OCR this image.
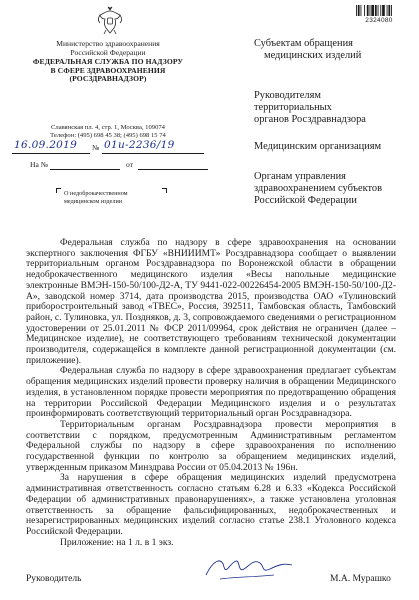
2324080
Министерство здравоохранения
Российской Федерации
ФЕДЕРАЛЬНАЯ СЛУЖБА ПО НАДЗОРУ
В СФЕРЕ ЗДРАВООХРАНЕНИЯ
(РОСЗДРАВНАДЗОР)
Славянская пл. 4, стр. 1, Москва, 109074
Телефон: (495) 698 45 38; (495) 698 15 74
16.09.2019 № 01и-2236/19
На №	от
О недоброкачественном
медицинском изделии
Субъектам обращения
медицинских изделий
Руководителям
территориальных
органов Росздравнадзора
Медицинским организациям
Органам управления
здравоохранением субъектов
Российской Федерации

Федеральная служба по надзору в сфере здравоохранения на основании экспертного заключения ФГБУ «ВНИИИМТ» Росздравнадзора сообщает о выявлении территориальным органом Росздравнадзора по Воронежской области в обращении недоброкачественного медицинского изделия «Весы напольные медицинские электронные ВМЭН-150-50/100-Д2-А, ТУ 9441-022-00226454-2005 ВМЭН-150-50/100-Д2-А», заводской номер 3714, дата производства 2015, производства ОАО «Тулиновский приборостроительный завод «ТВЕС», Россия, 392511, Тамбовская область, Тамбовский район, с. Тулиновка, ул. Поздняков, д. 3, сопровождаемого сведениями о регистрационном удостоверении от 25.01.2011 № ФСР 2011/09964, срок действия не ограничен (далее – Медицинское изделие), не соответствующего требованиям технической документации производителя, содержащейся в комплекте данной регистрационной документации (см. приложение).

Федеральная служба по надзору в сфере здравоохранения предлагает субъектам обращения медицинских изделий провести проверку наличия в обращении Медицинского изделия, в установленном порядке провести мероприятия по предотвращению обращения на территории Российской Федерации Медицинского изделия и о результатах проинформировать соответствующий территориальный орган Росздравнадзора.

Территориальным органам Росздравнадзора провести мероприятия в соответствии с порядком, предусмотренным Административным регламентом Федеральной службы по надзору в сфере здравоохранения по исполнению государственной функции по контролю за обращением медицинских изделий, утвержденным приказом Минздрава России от 05.04.2013 № 196н.

За нарушения в сфере обращения медицинских изделий предусмотрена административная ответственность согласно статьям 6.28 и 6.33 «Кодекса Российской Федерации об административных правонарушениях», а также установлена уголовная ответственность за обращение фальсифицированных, недоброкачественных и незарегистрированных медицинских изделий согласно статье 238.1 Уголовного кодекса Российской Федерации.

Приложение: на 1 л. в 1 экз.

Руководитель	М.А. Мурашко
